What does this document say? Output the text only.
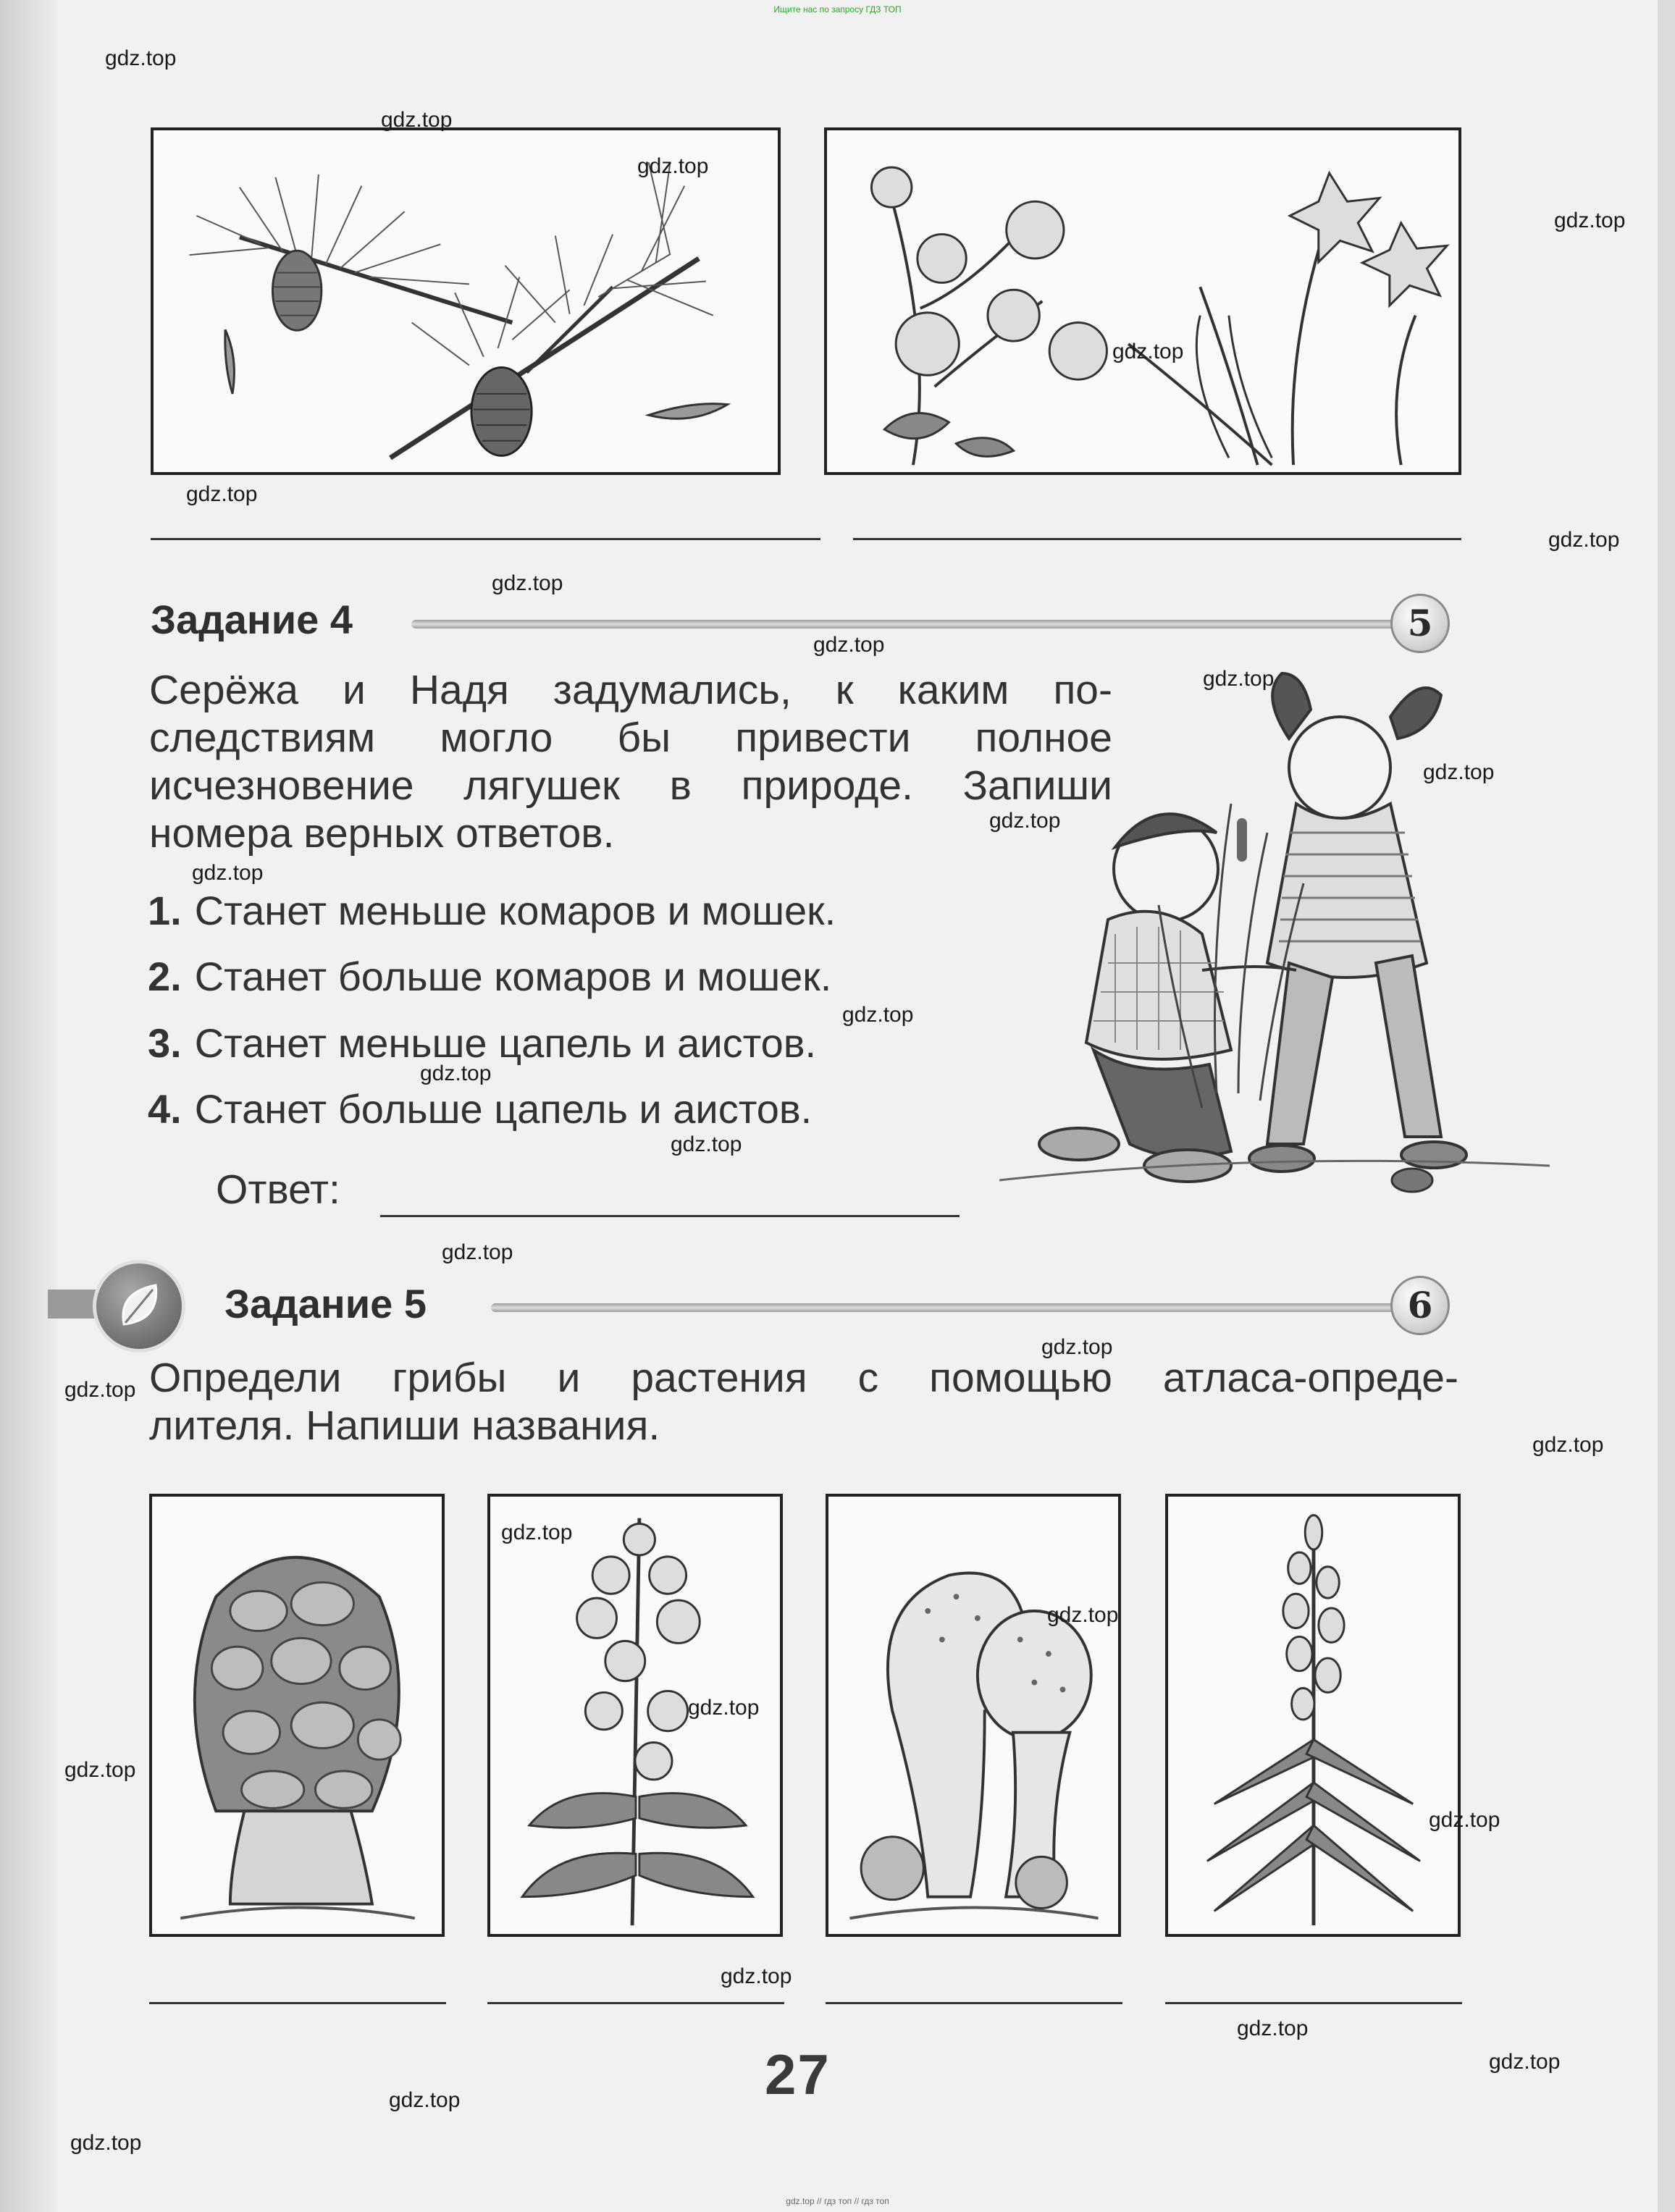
Ищите нас по запросу ГДЗ ТОП
Задание 4	5
Серёжа и Надя задумались, к каким по-
следствиям могло бы привести полное
исчезновение лягушек в природе. Запиши
номера верных ответов.
1. Станет меньше комаров и мошек.
2. Станет больше комаров и мошек.
3. Станет меньше цапель и аистов.
4. Станет больше цапель и аистов.
Ответ:
Задание 5	6
Определи грибы и растения с помощью атласа-опреде-
лителя. Напиши названия.
27
gdz.top
gdz.top
gdz.top
gdz.top
gdz.top
gdz.top
gdz.top
gdz.top
gdz.top
gdz.top
gdz.top
gdz.top
gdz.top
gdz.top
gdz.top
gdz.top
gdz.top
gdz.top
gdz.top
gdz.top
gdz.top
gdz.top
gdz.top
gdz.top
gdz.top
gdz.top
gdz.top
gdz.top
gdz.top
gdz.top
gdz.top // гдз топ // гдз топ
